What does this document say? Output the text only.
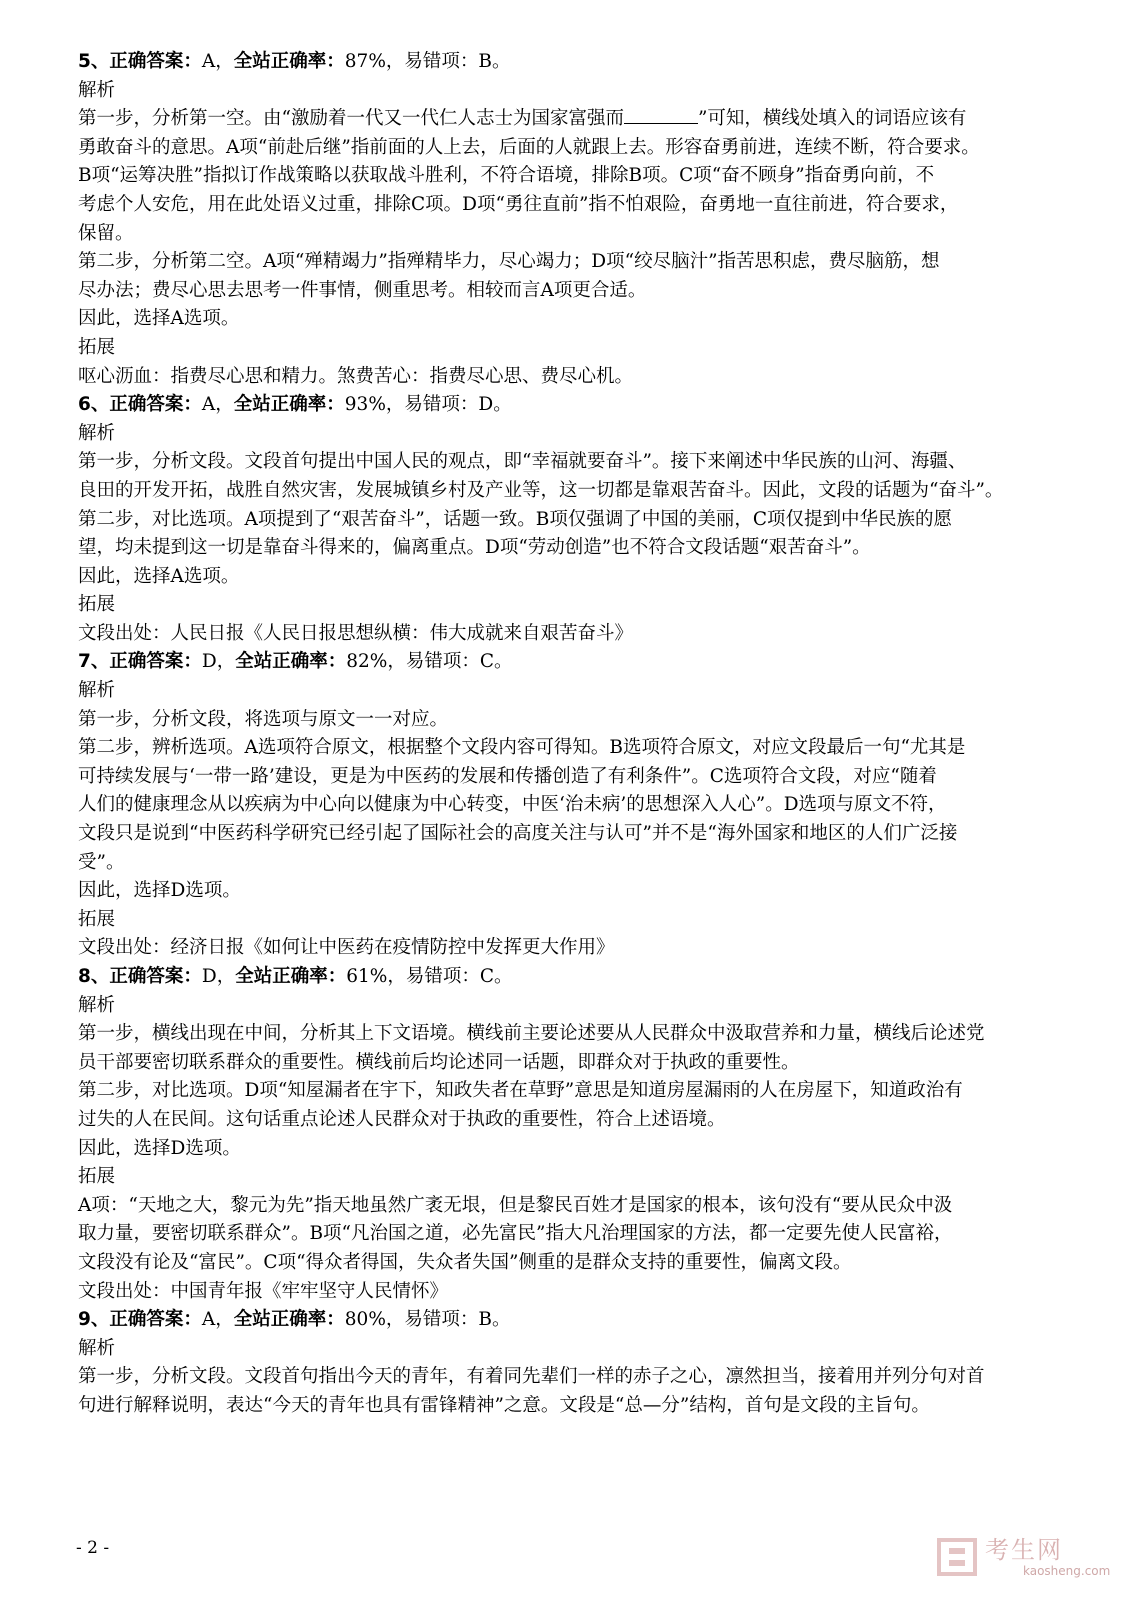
5、正确答案：A，全站正确率：87%，易错项：B。
解析
第一步，分析第一空。由“激励着一代又一代仁人志士为国家富强而	”可知，横线处填入的词语应该有
勇敢奋斗的意思。A项“前赴后继”指前面的人上去，后面的人就跟上去。形容奋勇前进，连续不断，符合要求。
B项“运筹决胜”指拟订作战策略以获取战斗胜利，不符合语境，排除B项。C项“奋不顾身”指奋勇向前，不
考虑个人安危，用在此处语义过重，排除C项。D项“勇往直前”指不怕艰险，奋勇地一直往前进，符合要求，
保留。
第二步，分析第二空。A项“殚精竭力”指殚精毕力，尽心竭力；D项“绞尽脑汁”指苦思积虑，费尽脑筋，想
尽办法；费尽心思去思考一件事情，侧重思考。相较而言A项更合适。
因此，选择A选项。
拓展
呕心沥血：指费尽心思和精力。煞费苦心：指费尽心思、费尽心机。
6、正确答案：A，全站正确率：93%，易错项：D。
解析
第一步，分析文段。文段首句提出中国人民的观点，即“幸福就要奋斗”。接下来阐述中华民族的山河、海疆、
良田的开发开拓，战胜自然灾害，发展城镇乡村及产业等，这一切都是靠艰苦奋斗。因此，文段的话题为“奋斗”。
第二步，对比选项。A项提到了“艰苦奋斗”，话题一致。B项仅强调了中国的美丽，C项仅提到中华民族的愿
望，均未提到这一切是靠奋斗得来的，偏离重点。D项“劳动创造”也不符合文段话题“艰苦奋斗”。
因此，选择A选项。
拓展
文段出处：人民日报《人民日报思想纵横：伟大成就来自艰苦奋斗》
7、正确答案：D，全站正确率：82%，易错项：C。
解析
第一步，分析文段，将选项与原文一一对应。
第二步，辨析选项。A选项符合原文，根据整个文段内容可得知。B选项符合原文，对应文段最后一句“尤其是
可持续发展与‘一带一路’建设，更是为中医药的发展和传播创造了有利条件”。C选项符合文段，对应“随着
人们的健康理念从以疾病为中心向以健康为中心转变，中医‘治未病’的思想深入人心”。D选项与原文不符，
文段只是说到“中医药科学研究已经引起了国际社会的高度关注与认可”并不是“海外国家和地区的人们广泛接
受”。
因此，选择D选项。
拓展
文段出处：经济日报《如何让中医药在疫情防控中发挥更大作用》
8、正确答案：D，全站正确率：61%，易错项：C。
解析
第一步，横线出现在中间，分析其上下文语境。横线前主要论述要从人民群众中汲取营养和力量，横线后论述党
员干部要密切联系群众的重要性。横线前后均论述同一话题，即群众对于执政的重要性。
第二步，对比选项。D项“知屋漏者在宇下，知政失者在草野”意思是知道房屋漏雨的人在房屋下，知道政治有
过失的人在民间。这句话重点论述人民群众对于执政的重要性，符合上述语境。
因此，选择D选项。
拓展
A项：“天地之大，黎元为先”指天地虽然广袤无垠，但是黎民百姓才是国家的根本，该句没有“要从民众中汲
取力量，要密切联系群众”。B项“凡治国之道，必先富民”指大凡治理国家的方法，都一定要先使人民富裕，
文段没有论及“富民”。C项“得众者得国，失众者失国”侧重的是群众支持的重要性，偏离文段。
文段出处：中国青年报《牢牢坚守人民情怀》
9、正确答案：A，全站正确率：80%，易错项：B。
解析
第一步，分析文段。文段首句指出今天的青年，有着同先辈们一样的赤子之心，凛然担当，接着用并列分句对首
句进行解释说明，表达“今天的青年也具有雷锋精神”之意。文段是“总—分”结构，首句是文段的主旨句。
- 2 -	考生网
kaosheng.com
